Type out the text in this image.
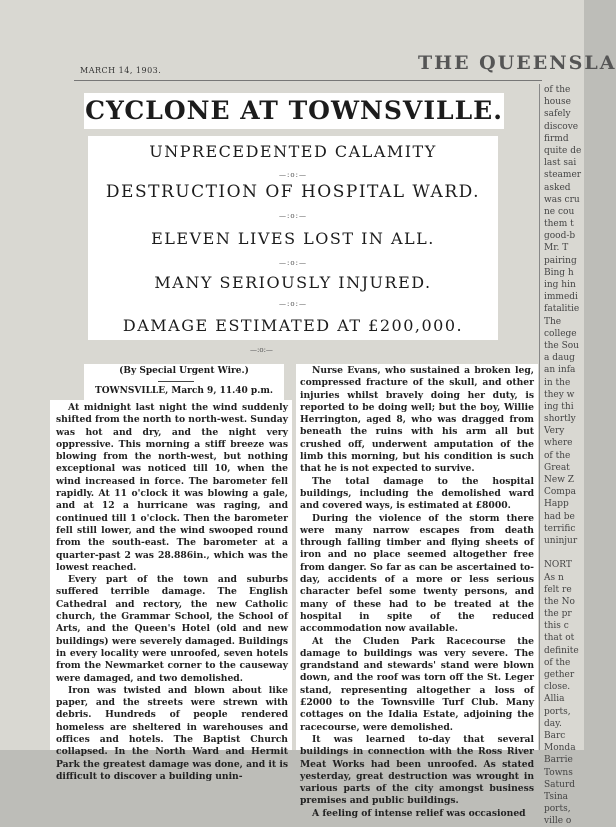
MARCH 14, 1903.	THE QUEENSLA
CYCLONE AT TOWNSVILLE.
UNPRECEDENTED CALAMITY
—:o:—
DESTRUCTION OF HOSPITAL WARD.
—:o:—
ELEVEN LIVES LOST IN ALL.
—:o:—
MANY SERIOUSLY INJURED.
—:o:—
DAMAGE ESTIMATED AT £200,000.
—:o:—
(By Special Urgent Wire.)
TOWNSVILLE, March 9, 11.40 p.m.

At midnight last night the wind suddenly shifted from the north to north-west. Sunday was hot and dry, and the night very oppressive. This morning a stiff breeze was blowing from the north-west, but nothing exceptional was noticed till 10, when the wind increased in force. The barometer fell rapidly. At 11 o'clock it was blowing a gale, and at 12 a hurricane was raging, and continued till 1 o'clock. Then the barometer fell still lower, and the wind swooped round from the south-east. The barometer at a quarter-past 2 was 28.886in., which was the lowest reached.

Every part of the town and suburbs suffered terrible damage. The English Cathedral and rectory, the new Catholic church, the Grammar School, the School of Arts, and the Queen's Hotel (old and new buildings) were severely damaged. Buildings in every locality were unroofed, seven hotels from the Newmarket corner to the causeway were damaged, and two demolished.

Iron was twisted and blown about like paper, and the streets were strewn with debris. Hundreds of people rendered homeless are sheltered in warehouses and offices and hotels. The Baptist Church collapsed. In the North Ward and Hermit Park the greatest damage was done, and it is difficult to discover a building unin-

Nurse Evans, who sustained a broken leg, compressed fracture of the skull, and other injuries whilst bravely doing her duty, is reported to be doing well; but the boy, Willie Herrington, aged 8, who was dragged from beneath the ruins with his arm all but crushed off, underwent amputation of the limb this morning, but his condition is such that he is not expected to survive.

The total damage to the hospital buildings, including the demolished ward and covered ways, is estimated at £8000.

During the violence of the storm there were many narrow escapes from death through falling timber and flying sheets of iron and no place seemed altogether free from danger. So far as can be ascertained to-day, accidents of a more or less serious character befel some twenty persons, and many of these had to be treated at the hospital in spite of the reduced accommodation now available.

At the Cluden Park Racecourse the damage to buildings was very severe. The grandstand and stewards' stand were blown down, and the roof was torn off the St. Leger stand, representing altogether a loss of £2000 to the Townsville Turf Club. Many cottages on the Idalia Estate, adjoining the racecourse, were demolished.

It was learned to-day that several buildings in connection with the Ross River Meat Works had been unroofed. As stated yesterday, great destruction was wrought in various parts of the city amongst business premises and public buildings.

A feeling of intense relief was occasioned

of the
house
safely
discove
firmd
quite de
last sai
steamer
asked
was cru
ne cou
them t
good-b
Mr. T
pairing
Bing h
ing hin
immedi
fatalitie
The
college
the Sou
a daug
an infa
in the
they w
ing thi
shortly
Very
where
of the
Great
New Z
Compa
Happ
had be
terrific
uninjur
NORT
As n
felt re
the No
the pr
this c
that ot
definite
of the
gether
close.
Allia
ports,
day.
Barc
Monda
Barrie
Towns
Saturd
Tsina
ports,
ville o
